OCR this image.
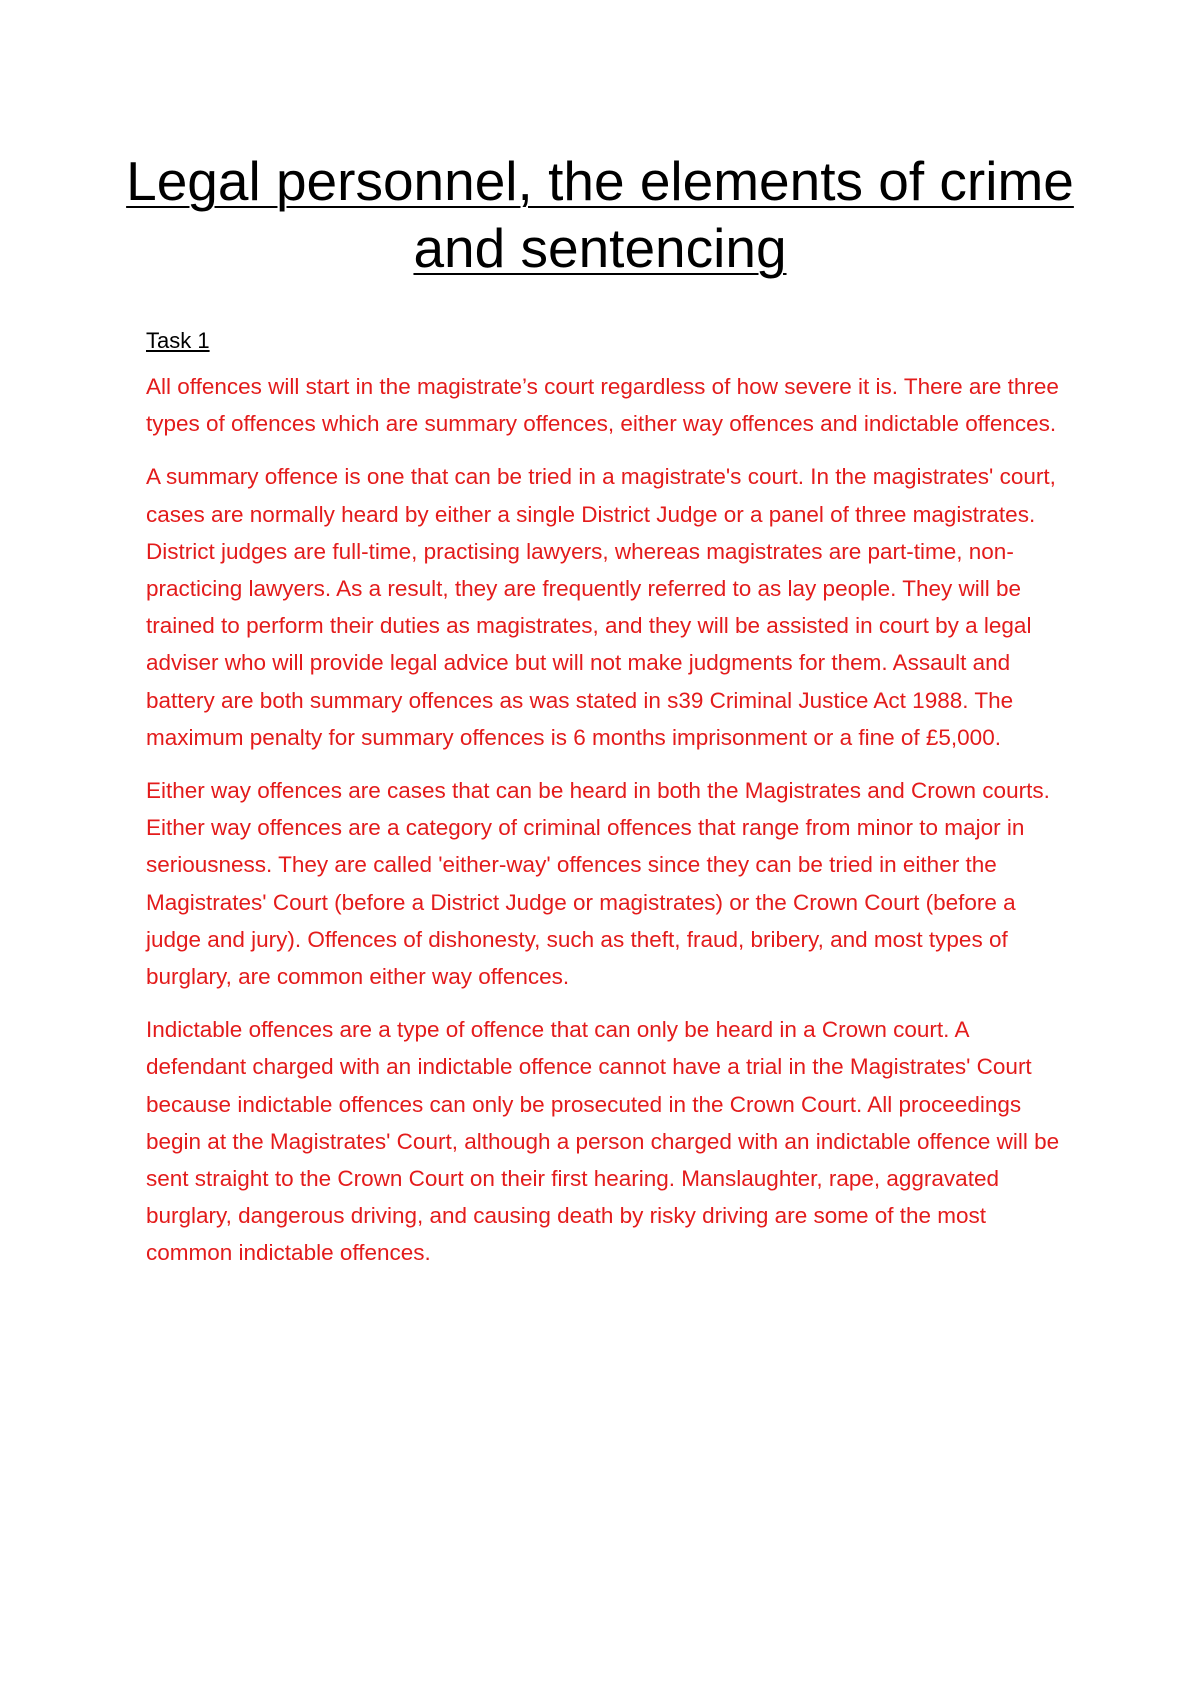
Legal personnel, the elements of crime and sentencing

Task 1

All offences will start in the magistrate’s court regardless of how severe it is. There are three types of offences which are summary offences, either way offences and indictable offences.

A summary offence is one that can be tried in a magistrate's court. In the magistrates' court, cases are normally heard by either a single District Judge or a panel of three magistrates. District judges are full-time, practising lawyers, whereas magistrates are part-time, non-practicing lawyers. As a result, they are frequently referred to as lay people. They will be trained to perform their duties as magistrates, and they will be assisted in court by a legal adviser who will provide legal advice but will not make judgments for them. Assault and battery are both summary offences as was stated in s39 Criminal Justice Act 1988. The maximum penalty for summary offences is 6 months imprisonment or a fine of £5,000.

Either way offences are cases that can be heard in both the Magistrates and Crown courts. Either way offences are a category of criminal offences that range from minor to major in seriousness. They are called 'either-way' offences since they can be tried in either the Magistrates' Court (before a District Judge or magistrates) or the Crown Court (before a judge and jury). Offences of dishonesty, such as theft, fraud, bribery, and most types of burglary, are common either way offences.

Indictable offences are a type of offence that can only be heard in a Crown court. A defendant charged with an indictable offence cannot have a trial in the Magistrates' Court because indictable offences can only be prosecuted in the Crown Court. All proceedings begin at the Magistrates' Court, although a person charged with an indictable offence will be sent straight to the Crown Court on their first hearing. Manslaughter, rape, aggravated burglary, dangerous driving, and causing death by risky driving are some of the most common indictable offences.
